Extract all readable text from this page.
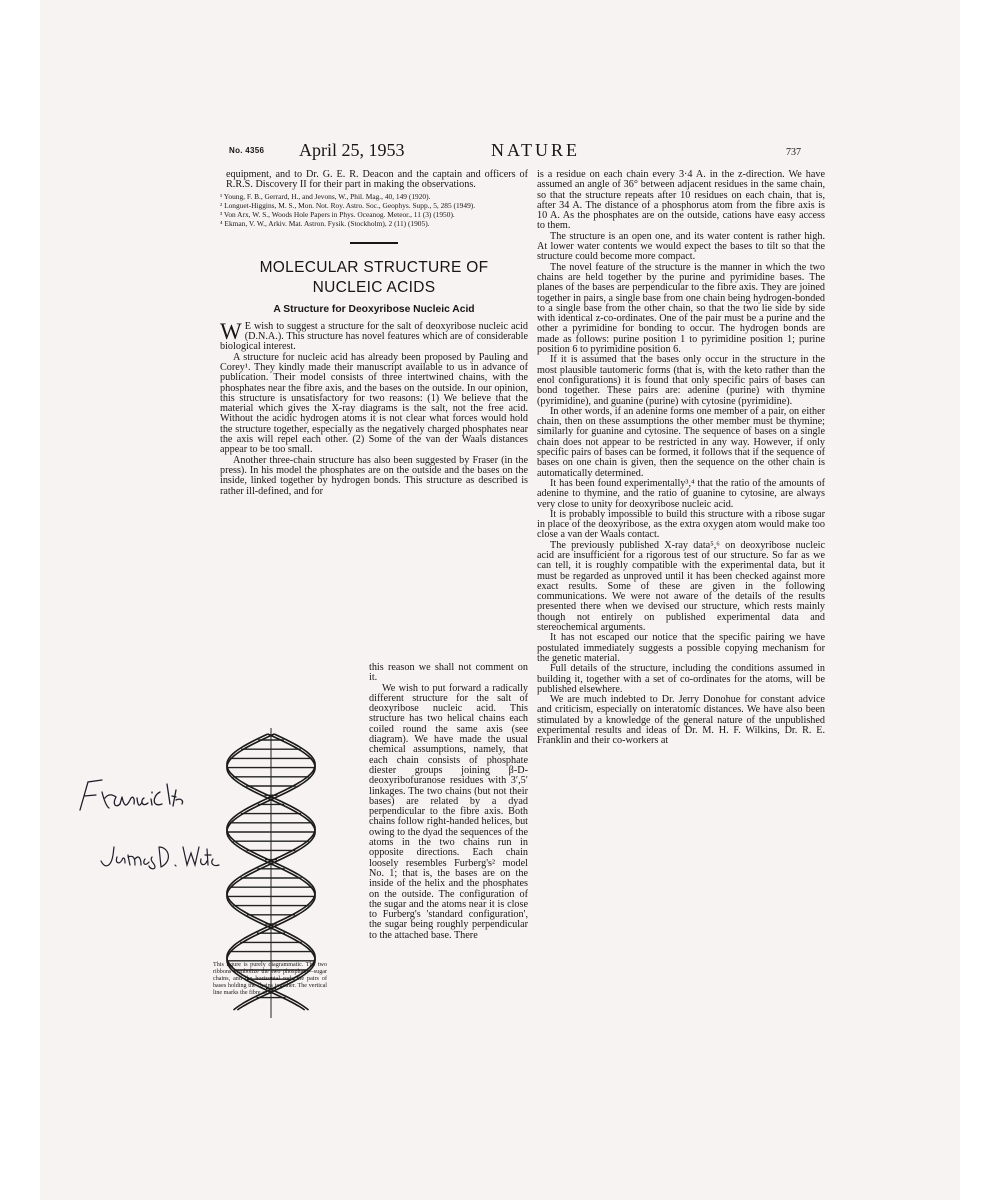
No. 4356 April 25, 1953	NATURE	737

equipment, and to Dr. G. E. R. Deacon and the captain and officers of R.R.S. Discovery II for their part in making the observations.

¹ Young, F. B., Gerrard, H., and Jevons, W., Phil. Mag., 40, 149 (1920).
² Longuet-Higgins, M. S., Mon. Not. Roy. Astro. Soc., Geophys. Supp., 5, 285 (1949).
³ Von Arx, W. S., Woods Hole Papers in Phys. Oceanog. Meteor., 11 (3) (1950).
⁴ Ekman, V. W., Arkiv. Mat. Astron. Fysik. (Stockholm), 2 (11) (1905).
MOLECULAR STRUCTURE OF
NUCLEIC ACIDS
A Structure for Deoxyribose Nucleic Acid

W E wish to suggest a structure for the salt of deoxyribose nucleic acid (D.N.A.). This structure has novel features which are of considerable biological interest.

A structure for nucleic acid has already been proposed by Pauling and Corey¹. They kindly made their manuscript available to us in advance of publication. Their model consists of three intertwined chains, with the phosphates near the fibre axis, and the bases on the outside. In our opinion, this structure is unsatisfactory for two reasons: (1) We believe that the material which gives the X-ray diagrams is the salt, not the free acid. Without the acidic hydrogen atoms it is not clear what forces would hold the structure together, especially as the negatively charged phosphates near the axis will repel each other. (2) Some of the van der Waals distances appear to be too small.

Another three-chain structure has also been suggested by Fraser (in the press). In his model the phosphates are on the outside and the bases on the inside, linked together by hydrogen bonds. This structure as described is rather ill-defined, and for

this reason we shall not comment on it.

We wish to put forward a radically different structure for the salt of deoxyribose nucleic acid. This structure has two helical chains each coiled round the same axis (see diagram). We have made the usual chemical assumptions, namely, that each chain consists of phosphate diester groups joining β-D-deoxyribofuranose residues with 3′,5′ linkages. The two chains (but not their bases) are related by a dyad perpendicular to the fibre axis. Both chains follow right-handed helices, but owing to the dyad the sequences of the atoms in the two chains run in opposite directions. Each chain loosely resembles Furberg's² model No. 1; that is, the bases are on the inside of the helix and the phosphates on the outside. The configuration of the sugar and the atoms near it is close to Furberg's 'standard configuration', the sugar being roughly perpendicular to the attached base. There

This figure is purely diagrammatic. The two ribbons symbolize the two phosphate—sugar chains, and the horizontal rods the pairs of bases holding the chains together. The vertical line marks the fibre axis

is a residue on each chain every 3·4 A. in the z-direction. We have assumed an angle of 36° between adjacent residues in the same chain, so that the structure repeats after 10 residues on each chain, that is, after 34 A. The distance of a phosphorus atom from the fibre axis is 10 A. As the phosphates are on the outside, cations have easy access to them.

The structure is an open one, and its water content is rather high. At lower water contents we would expect the bases to tilt so that the structure could become more compact.

The novel feature of the structure is the manner in which the two chains are held together by the purine and pyrimidine bases. The planes of the bases are perpendicular to the fibre axis. They are joined together in pairs, a single base from one chain being hydrogen-bonded to a single base from the other chain, so that the two lie side by side with identical z-co-ordinates. One of the pair must be a purine and the other a pyrimidine for bonding to occur. The hydrogen bonds are made as follows: purine position 1 to pyrimidine position 1; purine position 6 to pyrimidine position 6.

If it is assumed that the bases only occur in the structure in the most plausible tautomeric forms (that is, with the keto rather than the enol configurations) it is found that only specific pairs of bases can bond together. These pairs are: adenine (purine) with thymine (pyrimidine), and guanine (purine) with cytosine (pyrimidine).

In other words, if an adenine forms one member of a pair, on either chain, then on these assumptions the other member must be thymine; similarly for guanine and cytosine. The sequence of bases on a single chain does not appear to be restricted in any way. However, if only specific pairs of bases can be formed, it follows that if the sequence of bases on one chain is given, then the sequence on the other chain is automatically determined.

It has been found experimentally³,⁴ that the ratio of the amounts of adenine to thymine, and the ratio of guanine to cytosine, are always very close to unity for deoxyribose nucleic acid.

It is probably impossible to build this structure with a ribose sugar in place of the deoxyribose, as the extra oxygen atom would make too close a van der Waals contact.

The previously published X-ray data⁵,⁶ on deoxyribose nucleic acid are insufficient for a rigorous test of our structure. So far as we can tell, it is roughly compatible with the experimental data, but it must be regarded as unproved until it has been checked against more exact results. Some of these are given in the following communications. We were not aware of the details of the results presented there when we devised our structure, which rests mainly though not entirely on published experimental data and stereochemical arguments.

It has not escaped our notice that the specific pairing we have postulated immediately suggests a possible copying mechanism for the genetic material.

Full details of the structure, including the conditions assumed in building it, together with a set of co-ordinates for the atoms, will be published elsewhere.

We are much indebted to Dr. Jerry Donohue for constant advice and criticism, especially on interatomic distances. We have also been stimulated by a knowledge of the general nature of the unpublished experimental results and ideas of Dr. M. H. F. Wilkins, Dr. R. E. Franklin and their co-workers at
